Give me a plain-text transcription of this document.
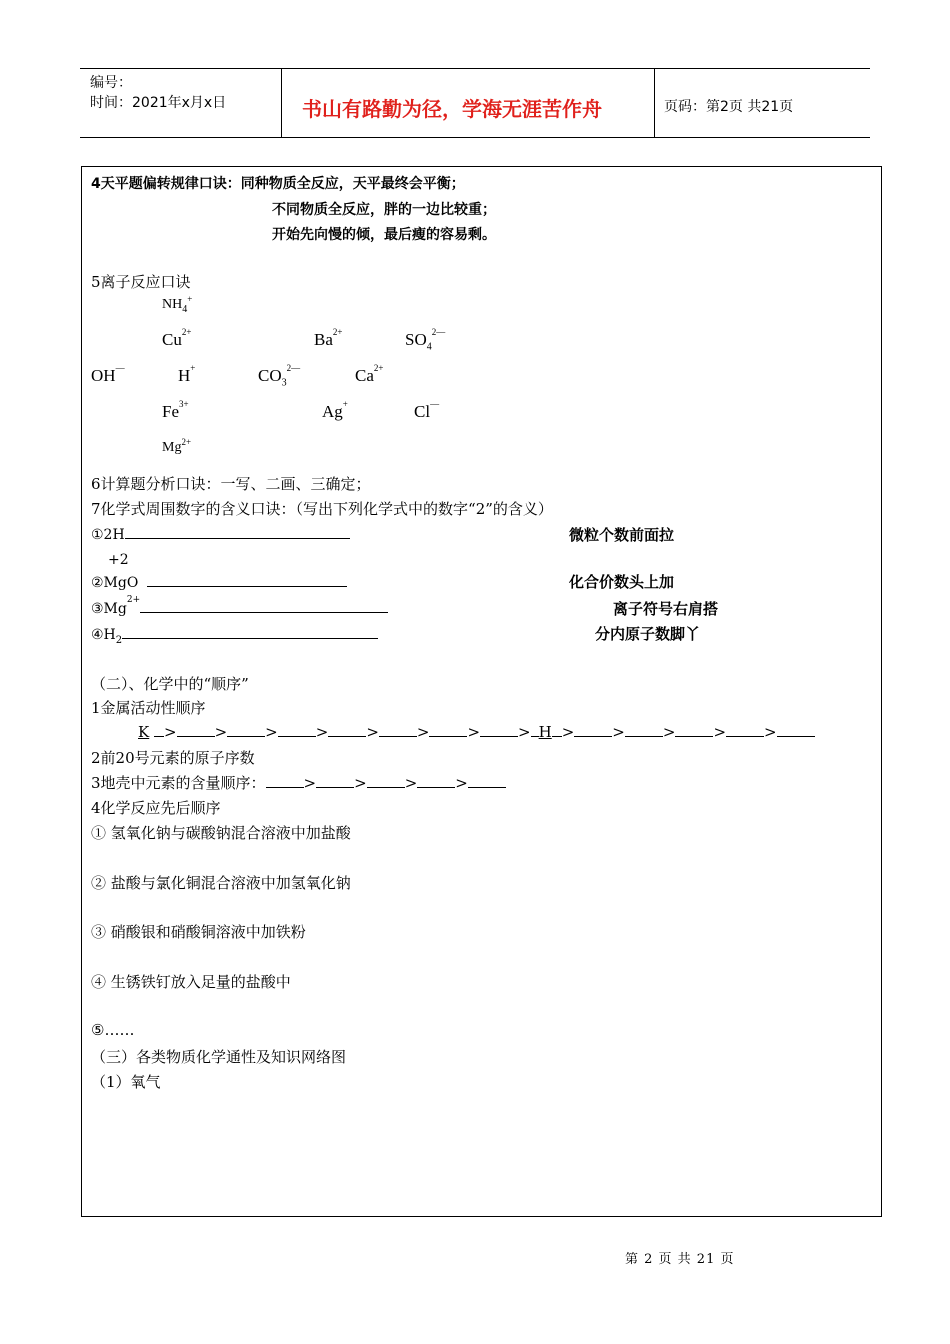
编号：
时间：2021年x月x日	书山有路勤为径，学海无涯苦作舟	页码：第2页 共21页
4天平题偏转规律口诀：同种物质全反应，天平最终会平衡；
不同物质全反应，胖的一边比较重；
开始先向慢的倾，最后瘦的容易剩。
5离子反应口诀
$NH_4^+$
$Cu^{2+}$	$Ba^{2+}$	$SO_4^{2—}$
OH—	H+	$CO_3^{2—}$	$Ca^{2+}$
$Fe^{3+}$	Ag+	Cl—
$Mg^{2+}$
6计算题分析口诀：一写、二画、三确定；
7化学式周围数字的含义口诀：（写出下列化学式中的数字“2”的含义）
①2H	微粒个数前面拉
+2
②MgO	化合价数头上加
$③Mg^{2+}$	离子符号右肩搭
$④H_2$	分内原子数脚丫
（二）、化学中的“顺序”
1金属活动性顺序
K >	>	>	>	>	>	>	> H >	>	>	>	>
2前20号元素的原子序数
3地壳中元素的含量顺序：	>	>	>	>
4化学反应先后顺序
① 氢氧化钠与碳酸钠混合溶液中加盐酸
② 盐酸与氯化铜混合溶液中加氢氧化钠
③ 硝酸银和硝酸铜溶液中加铁粉
④ 生锈铁钉放入足量的盐酸中
⑤……
（三）各类物质化学通性及知识网络图
（1）氧气
第 2 页 共 21 页
